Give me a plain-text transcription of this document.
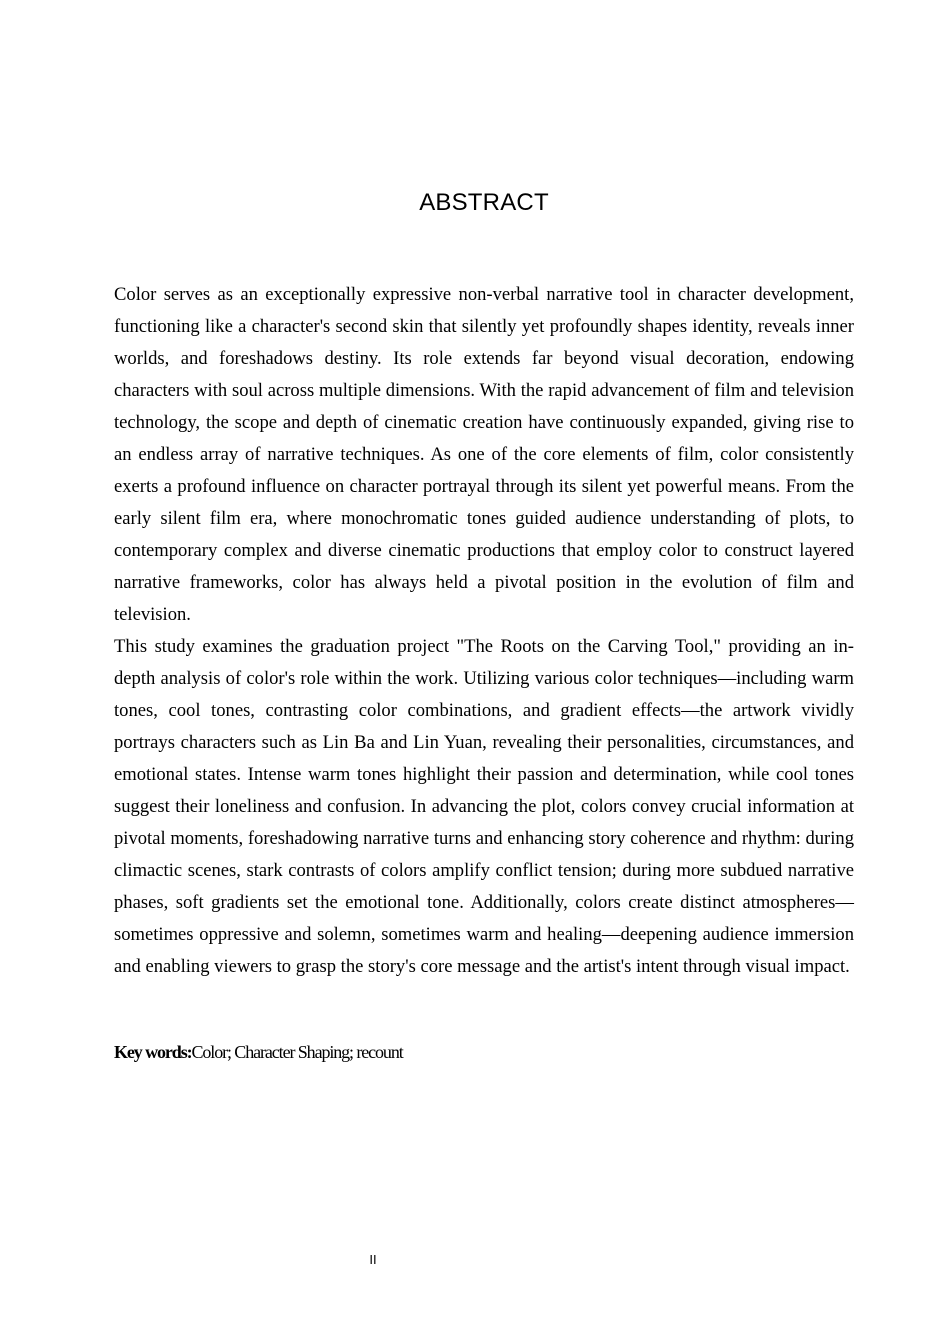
ABSTRACT

Color serves as an exceptionally expressive non-verbal narrative tool in character development, functioning like a character's second skin that silently yet profoundly shapes identity, reveals inner worlds, and foreshadows destiny. Its role extends far beyond visual decoration, endowing characters with soul across multiple dimensions. With the rapid advancement of film and television technology, the scope and depth of cinematic creation have continuously expanded, giving rise to an endless array of narrative techniques. As one of the core elements of film, color consistently exerts a profound influence on character portrayal through its silent yet powerful means. From the early silent film era, where monochromatic tones guided audience understanding of plots, to contemporary complex and diverse cinematic productions that employ color to construct layered narrative frameworks, color has always held a pivotal position in the evolution of film and television.

This study examines the graduation project "The Roots on the Carving Tool," providing an in-depth analysis of color's role within the work. Utilizing various color techniques—including warm tones, cool tones, contrasting color combinations, and gradient effects—the artwork vividly portrays characters such as Lin Ba and Lin Yuan, revealing their personalities, circumstances, and emotional states. Intense warm tones highlight their passion and determination, while cool tones suggest their loneliness and confusion. In advancing the plot, colors convey crucial information at pivotal moments, foreshadowing narrative turns and enhancing story coherence and rhythm: during climactic scenes, stark contrasts of colors amplify conflict tension; during more subdued narrative phases, soft gradients set the emotional tone. Additionally, colors create distinct atmospheres—sometimes oppressive and solemn, sometimes warm and healing—deepening audience immersion and enabling viewers to grasp the story's core message and the artist's intent through visual impact.

Key words:Color; Character Shaping; recount
II
